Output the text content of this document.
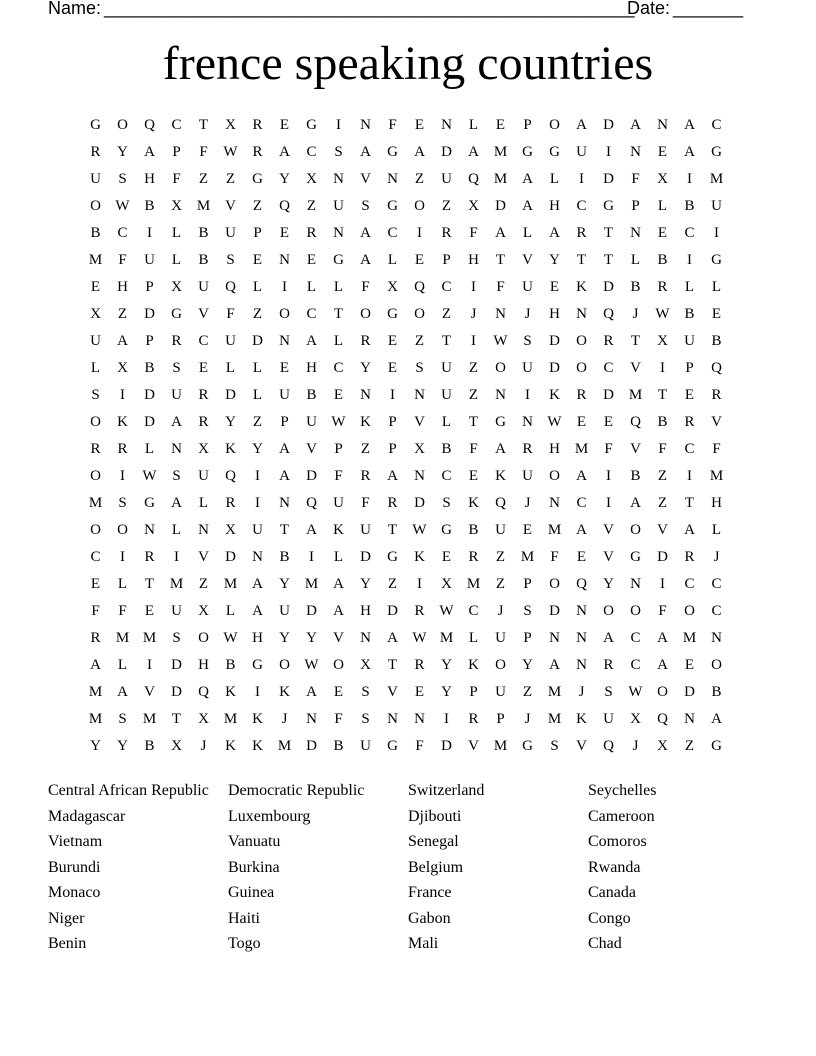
Name: _____________________________________________________
Date: _______
frence speaking countries
G	O	Q	C	T	X	R	E	G	I	N	F	E	N	L	E	P	O	A	D	A	N	A	C
R	Y	A	P	F	W R	A	C	S	A	G	A	D	A M G	G	U	I	N	E	A	G
U	S	H	F	Z	Z	G	Y	X	N	V	N	Z	U	Q M A	L	I	D	F	X	I	M
O W B	X M V	Z	Q	Z	U	S	G	O	Z	X	D	A	H	C	G	P	L	B	U
B	C	I	L	B	U	P	E	R	N	A	C	I	R	F	A	L	A	R	T	N	E	C	I
M	F	U	L	B	S	E	N	E	G	A	L	E	P	H	T	V	Y	T	T	L	B	I	G
E	H	P	X	U	Q	L	I	L	L	F	X	Q	C	I	F	U	E	K	D	B	R	L	L
X	Z	D	G	V	F	Z	O	C	T	O	G	O	Z	J	N	J	H	N	Q	J	W B	E
U	A	P	R	C	U	D	N	A	L	R	E	Z	T	I	W	S	D	O	R	T	X	U	B
L	X	B	S	E	L	L	E	H	C	Y	E	S	U	Z	O	U	D	O	C	V	I	P	Q
S	I	D	U	R	D	L	U	B	E	N	I	N	U	Z	N	I	K	R	D M	T	E	R
O	K	D	A	R	Y	Z	P	U W K	P	V	L	T	G	N W	E	E	Q	B	R	V
R	R	L	N	X	K	Y	A	V	P	Z	P	X	B	F	A	R	H M	F	V	F	C	F
O	I	W	S	U	Q	I	A	D	F	R	A	N	C	E	K	U	O	A	I	B	Z	I	M
M	S	G	A	L	R	I	N	Q	U	F	R	D	S	K	Q	J	N	C	I	A	Z	T	H
O	O	N	L	N	X	U	T	A	K	U	T	W G	B	U	E	M A	V	O	V	A	L
C	I	R	I	V	D	N	B	I	L	D	G	K	E	R	Z	M	F	E	V	G	D	R	J
E	L	T	M	Z	M A	Y M A	Y	Z	I	X M	Z	P	O	Q	Y	N	I	C	C
F	F	E	U	X	L	A	U	D	A	H	D	R W C	J	S	D	N	O	O	F	O	C
R	M M	S	O W H	Y	Y	V	N	A W M	L	U	P	N	N	A	C	A M N
A	L	I	D	H	B	G	O W O	X	T	R	Y	K	O	Y	A	N	R	C	A	E	O
M A	V	D	Q	K	I	K	A	E	S	V	E	Y	P	U	Z	M	J	S	W O	D	B
M	S	M	T	X M K	J	N	F	S	N	N	I	R	P	J	M K	U	X	Q	N	A
Y	Y	B	X	J	K	K M D	B	U	G	F	D	V M G	S	V	Q	J	X	Z	G
Central African Republic
Madagascar
Vietnam
Burundi
Monaco
Niger
Benin
Democratic Republic
Luxembourg
Vanuatu
Burkina
Guinea
Haiti
Togo
Switzerland
Djibouti
Senegal
Belgium
France
Gabon
Mali
Seychelles
Cameroon
Comoros
Rwanda
Canada
Congo
Chad
